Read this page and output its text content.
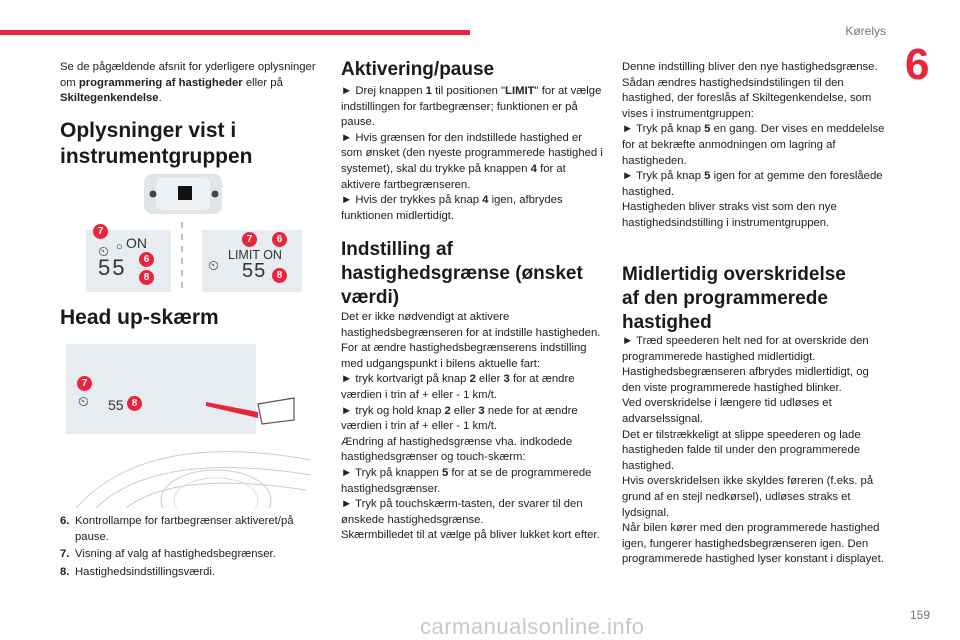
Kørelys
6

Se de pågældende afsnit for yderligere oplysninger om programmering af hastigheder eller på Skiltegenkendelse.

Oplysninger vist i
instrumentgruppen
7
⏲ ○ ON
6
55	8
7	6
⏲
LIMIT ON
55	8
Head up-skærm
7
⏲ 55 8
6. Kontrollampe for fartbegrænser aktiveret/på pause.
7. Visning af valg af hastighedsbegrænser.
8. Hastighedsindstillingsværdi.
Aktivering/pause

► Drej knappen 1 til positionen "LIMIT" for at vælge indstillingen for fartbegrænser; funktionen er på pause.

► Hvis grænsen for den indstillede hastighed er som ønsket (den nyeste programmerede hastighed i systemet), skal du trykke på knappen 4 for at aktivere fartbegrænseren.

► Hvis der trykkes på knap 4 igen, afbrydes funktionen midlertidigt.

Indstilling af
hastighedsgrænse (ønsket
værdi)

Det er ikke nødvendigt at aktivere hastighedsbegrænseren for at indstille hastigheden.

For at ændre hastighedsbegrænserens indstilling med udgangspunkt i bilens aktuelle fart:

► tryk kortvarigt på knap 2 eller 3 for at ændre værdien i trin af + eller - 1 km/t.

► tryk og hold knap 2 eller 3 nede for at ændre værdien i trin af + eller - 1 km/t.

Ændring af hastighedsgrænse vha. indkodede hastighedsgrænser og touch-skærm:

► Tryk på knappen 5 for at se de programmerede hastighedsgrænser.

► Tryk på touchskærm-tasten, der svarer til den ønskede hastighedsgrænse.

Skærmbilledet til at vælge på bliver lukket kort efter.

Denne indstilling bliver den nye hastighedsgrænse.

Sådan ændres hastighedsindstilingen til den hastighed, der foreslås af Skiltegenkendelse, som vises i instrumentgruppen:

► Tryk på knap 5 en gang. Der vises en meddelelse for at bekræfte anmodningen om lagring af hastigheden.

► Tryk på knap 5 igen for at gemme den foreslåede hastighed.

Hastigheden bliver straks vist som den nye hastighedsindstilling i instrumentgruppen.

Midlertidig overskridelse
af den programmerede
hastighed

► Træd speederen helt ned for at overskride den programmerede hastighed midlertidigt.

Hastighedsbegrænseren afbrydes midlertidigt, og den viste programmerede hastighed blinker.

Ved overskridelse i længere tid udløses et advarselssignal.

Det er tilstrækkeligt at slippe speederen og lade hastigheden falde til under den programmerede hastighed.

Hvis overskridelsen ikke skyldes føreren (f.eks. på grund af en stejl nedkørsel), udløses straks et lydsignal.

Når bilen kører med den programmerede hastighed igen, fungerer hastighedsbegrænseren igen. Den programmerede hastighed lyser konstant i displayet.

carmanualsonline.info	159
